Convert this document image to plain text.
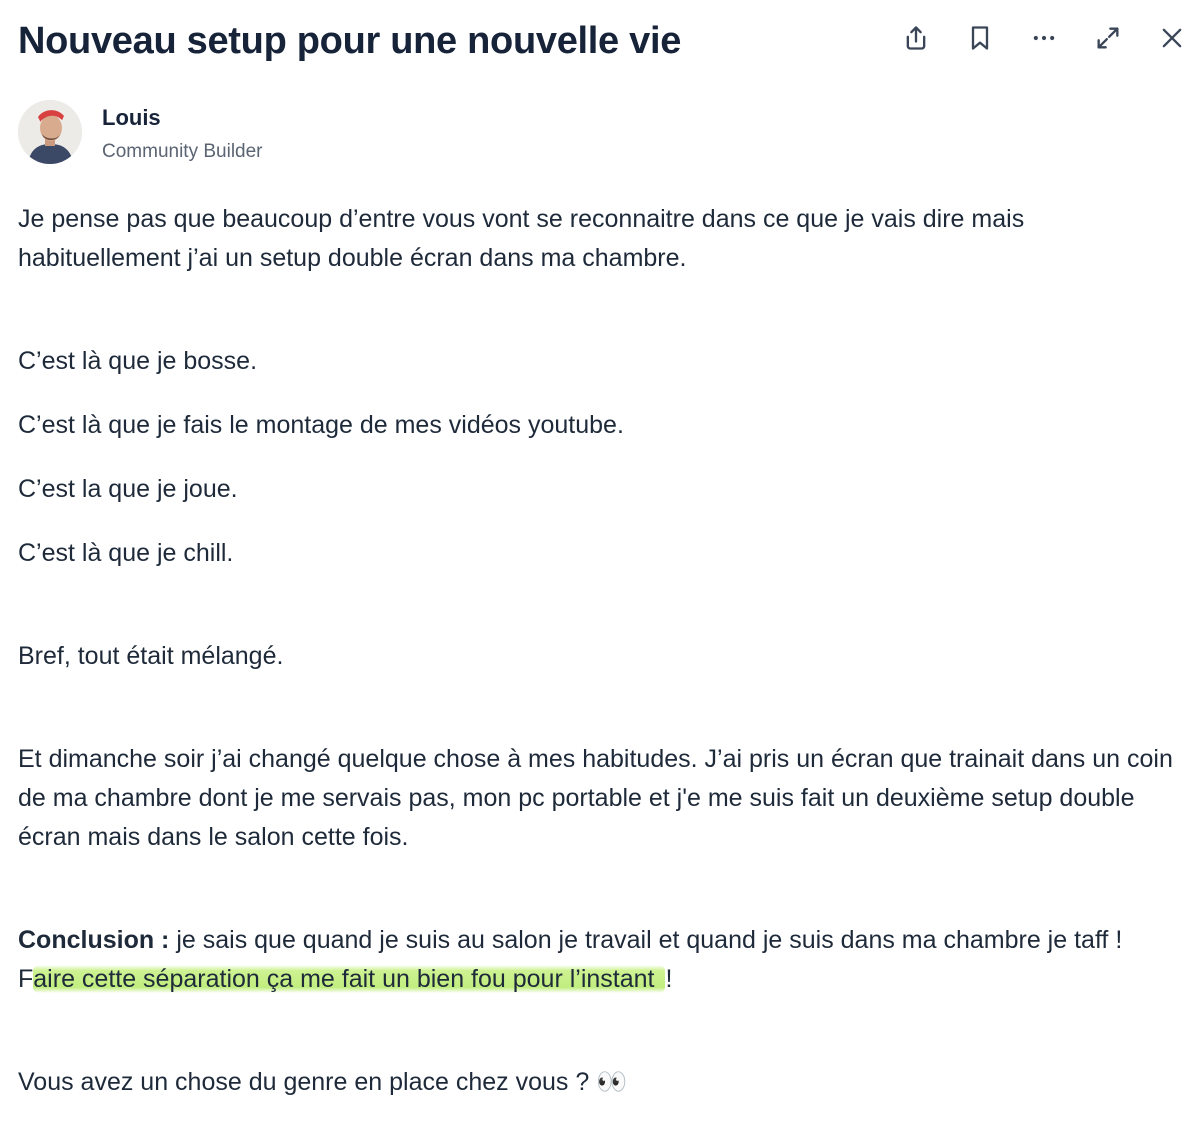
Nouveau setup pour une nouvelle vie
Louis
Community Builder

Je pense pas que beaucoup d’entre vous vont se reconnaitre dans ce que je vais dire mais habituellement j’ai un setup double écran dans ma chambre.

C’est là que je bosse.

C’est là que je fais le montage de mes vidéos youtube.

C’est la que je joue.

C’est là que je chill.

Bref, tout était mélangé.

Et dimanche soir j’ai changé quelque chose à mes habitudes. J’ai pris un écran que trainait dans un coin de ma chambre dont je me servais pas, mon pc portable et j'e me suis fait un deuxième setup double écran mais dans le salon cette fois.

Conclusion : je sais que quand je suis au salon je travail et quand je suis dans ma chambre je taff ! Faire cette séparation ça me fait un bien fou pour l’instant !

Vous avez un chose du genre en place chez vous ? 👀
